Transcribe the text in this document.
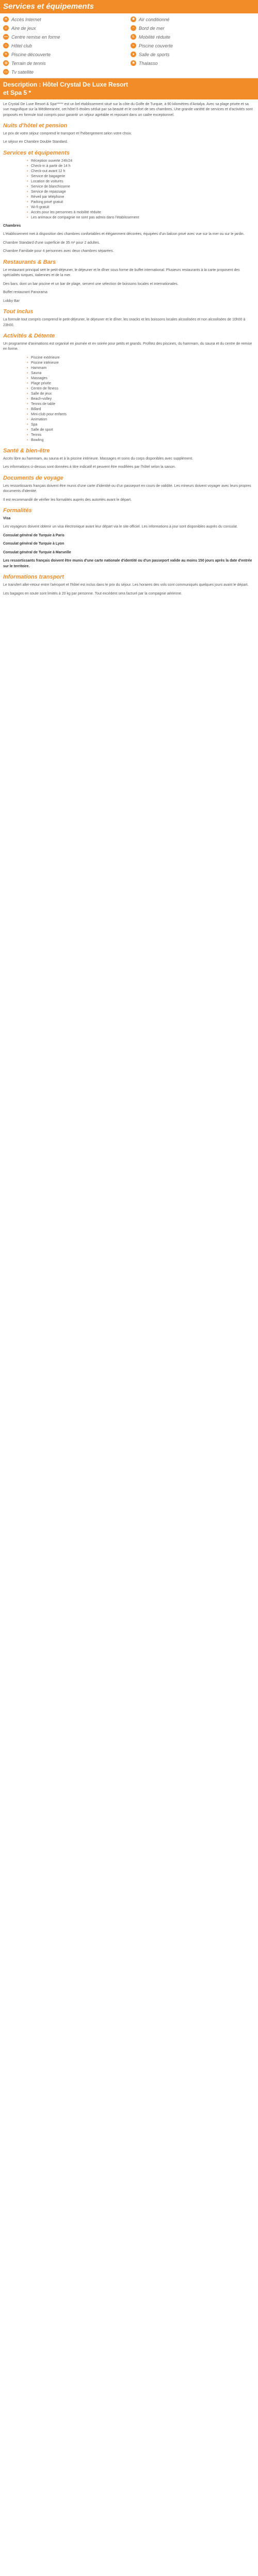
Services et équipements
≋ Accès Internet	✱ Air conditionné
☼ Aire de jeux	~ Bord de mer
⊷ Centre remise en forme	♿ Mobilité réduite
⌂ Hôtel club	≈ Piscine couverte
☀ Piscine découverte	● Salle de sports
◍ Terrain de tennis	❀ Thalasso
▭ Tv satellite
Description : Hôtel Crystal De Luxe Resort
et Spa 5 *

Le Crystal De Luxe Resort & Spa***** est un bel établissement situé sur la côte du Golfe de Turquie, à 90 kilomètres d'Antalya. Avec sa plage privée et sa vue magnifique sur la Méditerranée, cet hôtel 5 étoiles séduit par sa beauté et le confort de ses chambres. Une grande variété de services et d'activités sont proposés en formule tout compris pour garantir un séjour agréable et reposant dans un cadre exceptionnel.

Nuits d'hôtel et pension

Le prix de votre séjour comprend le transport et l'hébergement selon votre choix.

Le séjour en Chambre Double Standard.

Services et équipements
• Réception ouverte 24h/24
• Check-in à partir de 14 h
• Check-out avant 12 h
• Service de bagagerie
• Location de voitures
• Service de blanchisserie
• Service de repassage
• Réveil par téléphone
• Parking privé gratuit
• Wi-fi gratuit
• Accès pour les personnes à mobilité réduite
• Les animaux de compagnie ne sont pas admis dans l'établissement

Chambres

L'établissement met à disposition des chambres confortables et élégamment décorées, équipées d'un balcon privé avec vue sur la mer ou sur le jardin.

Chambre Standard d'une superficie de 35 m² pour 2 adultes.

Chambre Familiale pour 4 personnes avec deux chambres séparées.

Restaurants & Bars

Le restaurant principal sert le petit-déjeuner, le déjeuner et le dîner sous forme de buffet international. Plusieurs restaurants à la carte proposent des spécialités turques, italiennes et de la mer.

Des bars, dont un bar piscine et un bar de plage, servent une sélection de boissons locales et internationales.

Buffet restaurant Panorama

Lobby Bar

Tout inclus

La formule tout compris comprend le petit-déjeuner, le déjeuner et le dîner, les snacks et les boissons locales alcoolisées et non alcoolisées de 10h00 à 23h00.

Activités & Détente

Un programme d'animations est organisé en journée et en soirée pour petits et grands. Profitez des piscines, du hammam, du sauna et du centre de remise en forme.

• Piscine extérieure
• Piscine intérieure
• Hammam
• Sauna
• Massages
• Plage privée
• Centre de fitness
• Salle de jeux
• Beach-volley
• Tennis de table
• Billard
• Mini-club pour enfants
• Animation
• Spa
• Salle de sport
• Tennis
• Bowling
Santé & bien-être

Accès libre au hammam, au sauna et à la piscine intérieure. Massages et soins du corps disponibles avec supplément.

Les informations ci-dessus sont données à titre indicatif et peuvent être modifiées par l'hôtel selon la saison.

Documents de voyage

Les ressortissants français doivent être munis d'une carte d'identité ou d'un passeport en cours de validité. Les mineurs doivent voyager avec leurs propres documents d'identité.

Il est recommandé de vérifier les formalités auprès des autorités avant le départ.

Formalités

Visa

Les voyageurs doivent obtenir un visa électronique avant leur départ via le site officiel. Les informations à jour sont disponibles auprès du consulat.

Consulat général de Turquie à Paris

Consulat général de Turquie à Lyon

Consulat général de Turquie à Marseille

Les ressortissants français doivent être munis d'une carte nationale d'identité ou d'un passeport valide au moins 150 jours après la date d'entrée sur le territoire.

Informations transport

Le transfert aller-retour entre l'aéroport et l'hôtel est inclus dans le prix du séjour. Les horaires des vols sont communiqués quelques jours avant le départ.

Les bagages en soute sont limités à 20 kg par personne. Tout excédent sera facturé par la compagnie aérienne.
